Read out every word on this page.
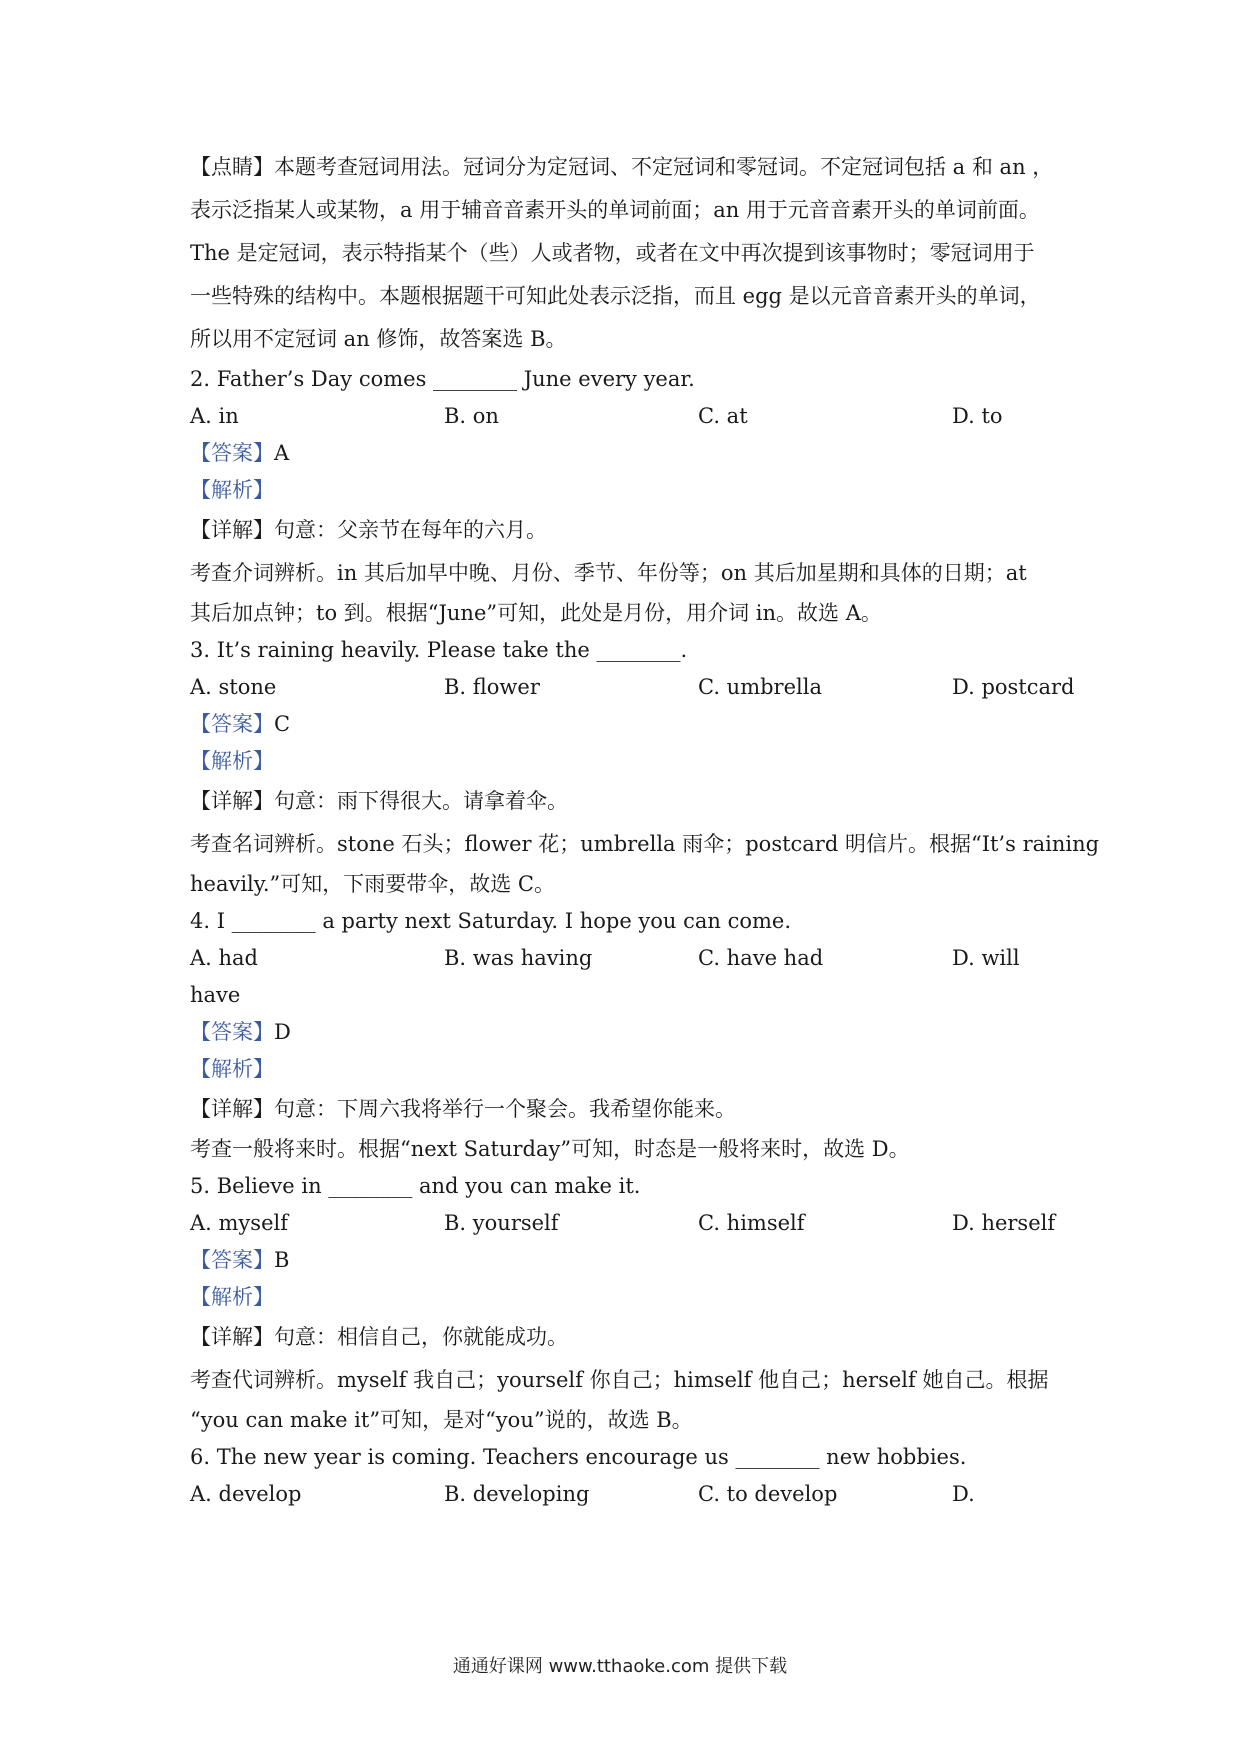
【点睛】本题考查冠词用法。冠词分为定冠词、不定冠词和零冠词。不定冠词包括 a 和 an ，
表示泛指某人或某物，a 用于辅音音素开头的单词前面；an 用于元音音素开头的单词前面。
The 是定冠词，表示特指某个（些）人或者物，或者在文中再次提到该事物时；零冠词用于
一些特殊的结构中。本题根据题干可知此处表示泛指，而且 egg 是以元音音素开头的单词，
所以用不定冠词 an 修饰，故答案选 B。
2. Father’s Day comes ________ June every year.
A. in	B. on	C. at	D. to
【答案】A
【解析】
【详解】句意：父亲节在每年的六月。
考查介词辨析。in 其后加早中晚、月份、季节、年份等；on 其后加星期和具体的日期；at
其后加点钟；to 到。根据“June”可知，此处是月份，用介词 in。故选 A。
3. It’s raining heavily. Please take the ________.
A. stone	B. flower	C. umbrella	D. postcard
【答案】C
【解析】
【详解】句意：雨下得很大。请拿着伞。
考查名词辨析。stone 石头；flower 花；umbrella 雨伞；postcard 明信片。根据“It’s raining
heavily.”可知，下雨要带伞，故选 C。
4. I ________ a party next Saturday. I hope you can come.
A. had	B. was having	C. have had	D. will
have
【答案】D
【解析】
【详解】句意：下周六我将举行一个聚会。我希望你能来。
考查一般将来时。根据“next Saturday”可知，时态是一般将来时，故选 D。
5. Believe in ________ and you can make it.
A. myself	B. yourself	C. himself	D. herself
【答案】B
【解析】
【详解】句意：相信自己，你就能成功。
考查代词辨析。myself 我自己；yourself 你自己；himself 他自己；herself 她自己。根据
“you can make it”可知，是对“you”说的，故选 B。
6. The new year is coming. Teachers encourage us ________ new hobbies.
A. develop	B. developing	C. to develop	D.
通通好课网 www.tthaoke.com 提供下载
